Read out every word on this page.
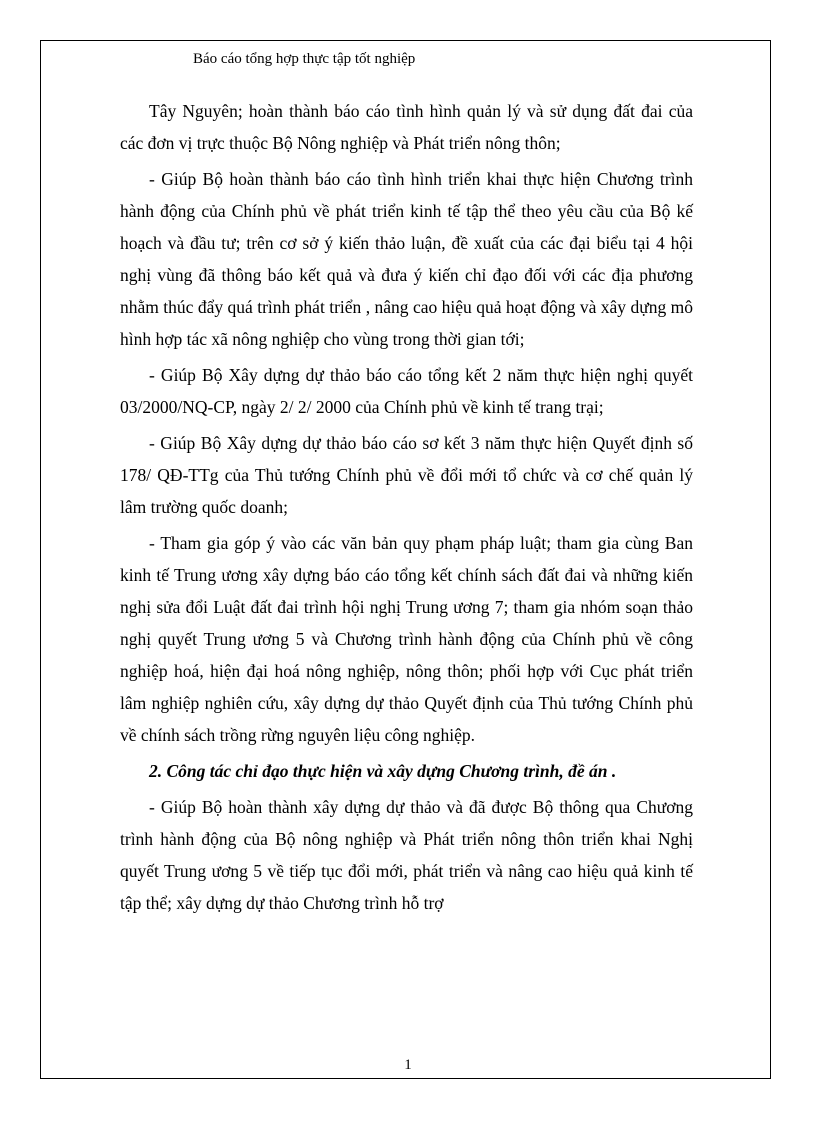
Báo cáo tổng hợp thực tập tốt nghiệp

Tây Nguyên; hoàn thành báo cáo tình hình quản lý và sử dụng đất đai của các đơn vị trực thuộc Bộ Nông nghiệp và Phát triển nông thôn;

- Giúp Bộ hoàn thành báo cáo tình hình triển khai thực hiện Chương trình hành động của Chính phủ về phát triển kinh tế tập thể theo yêu cầu của Bộ kế hoạch và đầu tư; trên cơ sở ý kiến thảo luận, đề xuất của các đại biểu tại 4 hội nghị vùng đã thông báo kết quả và đưa ý kiến chỉ đạo đối với các địa phương nhằm thúc đẩy quá trình phát triển , nâng cao hiệu quả hoạt động và xây dựng mô hình hợp tác xã nông nghiệp cho vùng trong thời gian tới;

- Giúp Bộ Xây dựng dự thảo báo cáo tổng kết 2 năm thực hiện nghị quyết 03/2000/NQ-CP, ngày 2/ 2/ 2000 của Chính phủ về kinh tế trang trại;

- Giúp Bộ Xây dựng dự thảo báo cáo sơ kết 3 năm thực hiện Quyết định số 178/ QĐ-TTg của Thủ tướng Chính phủ về đổi mới tổ chức và cơ chế quản lý lâm trường quốc doanh;

- Tham gia góp ý vào các văn bản quy phạm pháp luật; tham gia cùng Ban kinh tế Trung ương xây dựng báo cáo tổng kết chính sách đất đai và những kiến nghị sửa đổi Luật đất đai trình hội nghị Trung ương 7; tham gia nhóm soạn thảo nghị quyết Trung ương 5 và Chương trình hành động của Chính phủ về công nghiệp hoá, hiện đại hoá nông nghiệp, nông thôn; phối hợp với Cục phát triển lâm nghiệp nghiên cứu, xây dựng dự thảo Quyết định của Thủ tướng Chính phủ về chính sách trồng rừng nguyên liệu công nghiệp.

2. Công tác chỉ đạo thực hiện và xây dựng Chương trình, đề án .

- Giúp Bộ hoàn thành xây dựng dự thảo và đã được Bộ thông qua Chương trình hành động của Bộ nông nghiệp và Phát triển nông thôn triển khai Nghị quyết Trung ương 5 về tiếp tục đổi mới, phát triển và nâng cao hiệu quả kinh tế tập thể; xây dựng dự thảo Chương trình hỗ trợ

1
